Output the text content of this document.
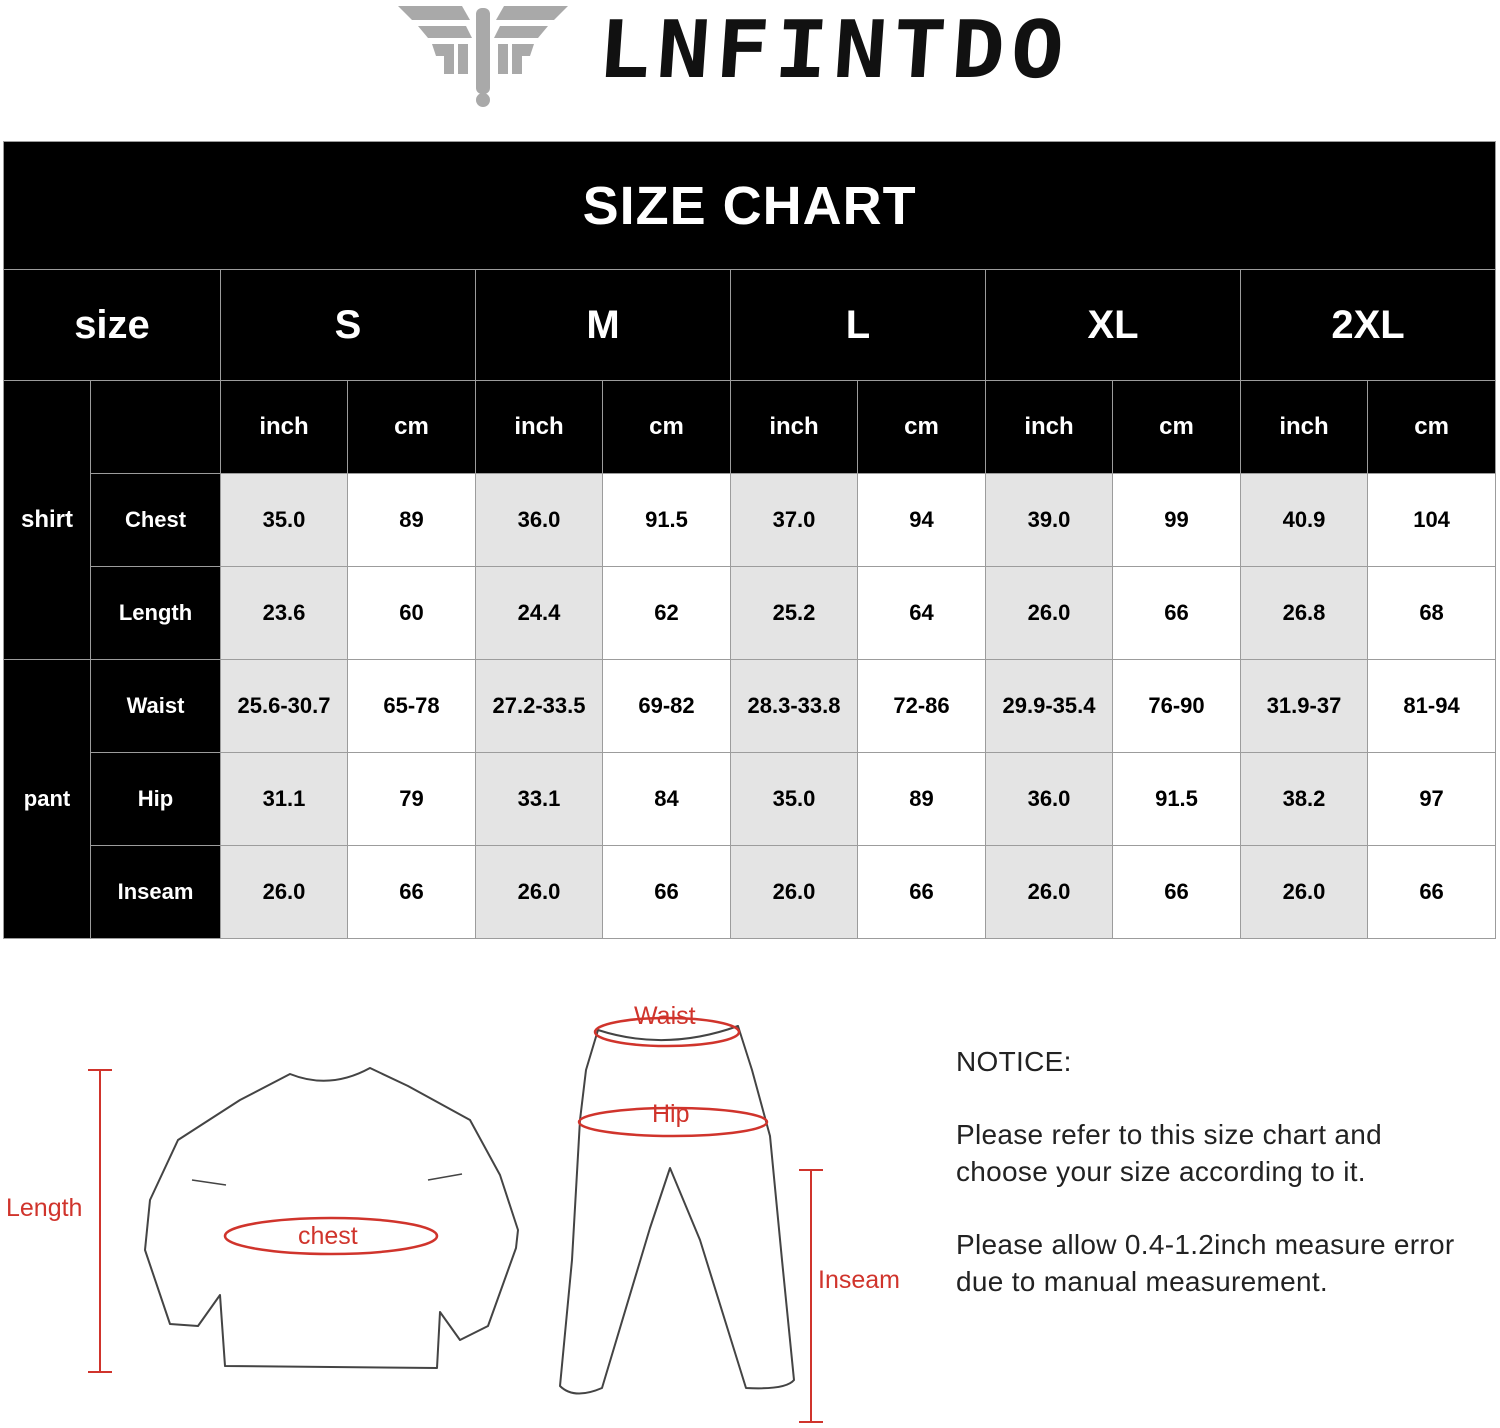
LNFINTDO
SIZE CHART											
size		S		M		L		XL		2XL	
shirt		inch	cm	inch	cm	inch	cm	inch	cm	inch	cm
	Chest	35.0	89	36.0	91.5	37.0	94	39.0	99	40.9	104
	Length	23.6	60	24.4	62	25.2	64	26.0	66	26.8	68
pant	Waist	25.6-30.7	65-78	27.2-33.5	69-82	28.3-33.8	72-86	29.9-35.4	76-90	31.9-37	81-94
	Hip	31.1	79	33.1	84	35.0	89	36.0	91.5	38.2	97
	Inseam	26.0	66	26.0	66	26.0	66	26.0	66	26.0	66
Length
chest
Waist
Hip
Inseam

NOTICE:

Please refer to this size chart and choose your size according to it.

Please allow 0.4-1.2inch measure error due to manual measurement.
